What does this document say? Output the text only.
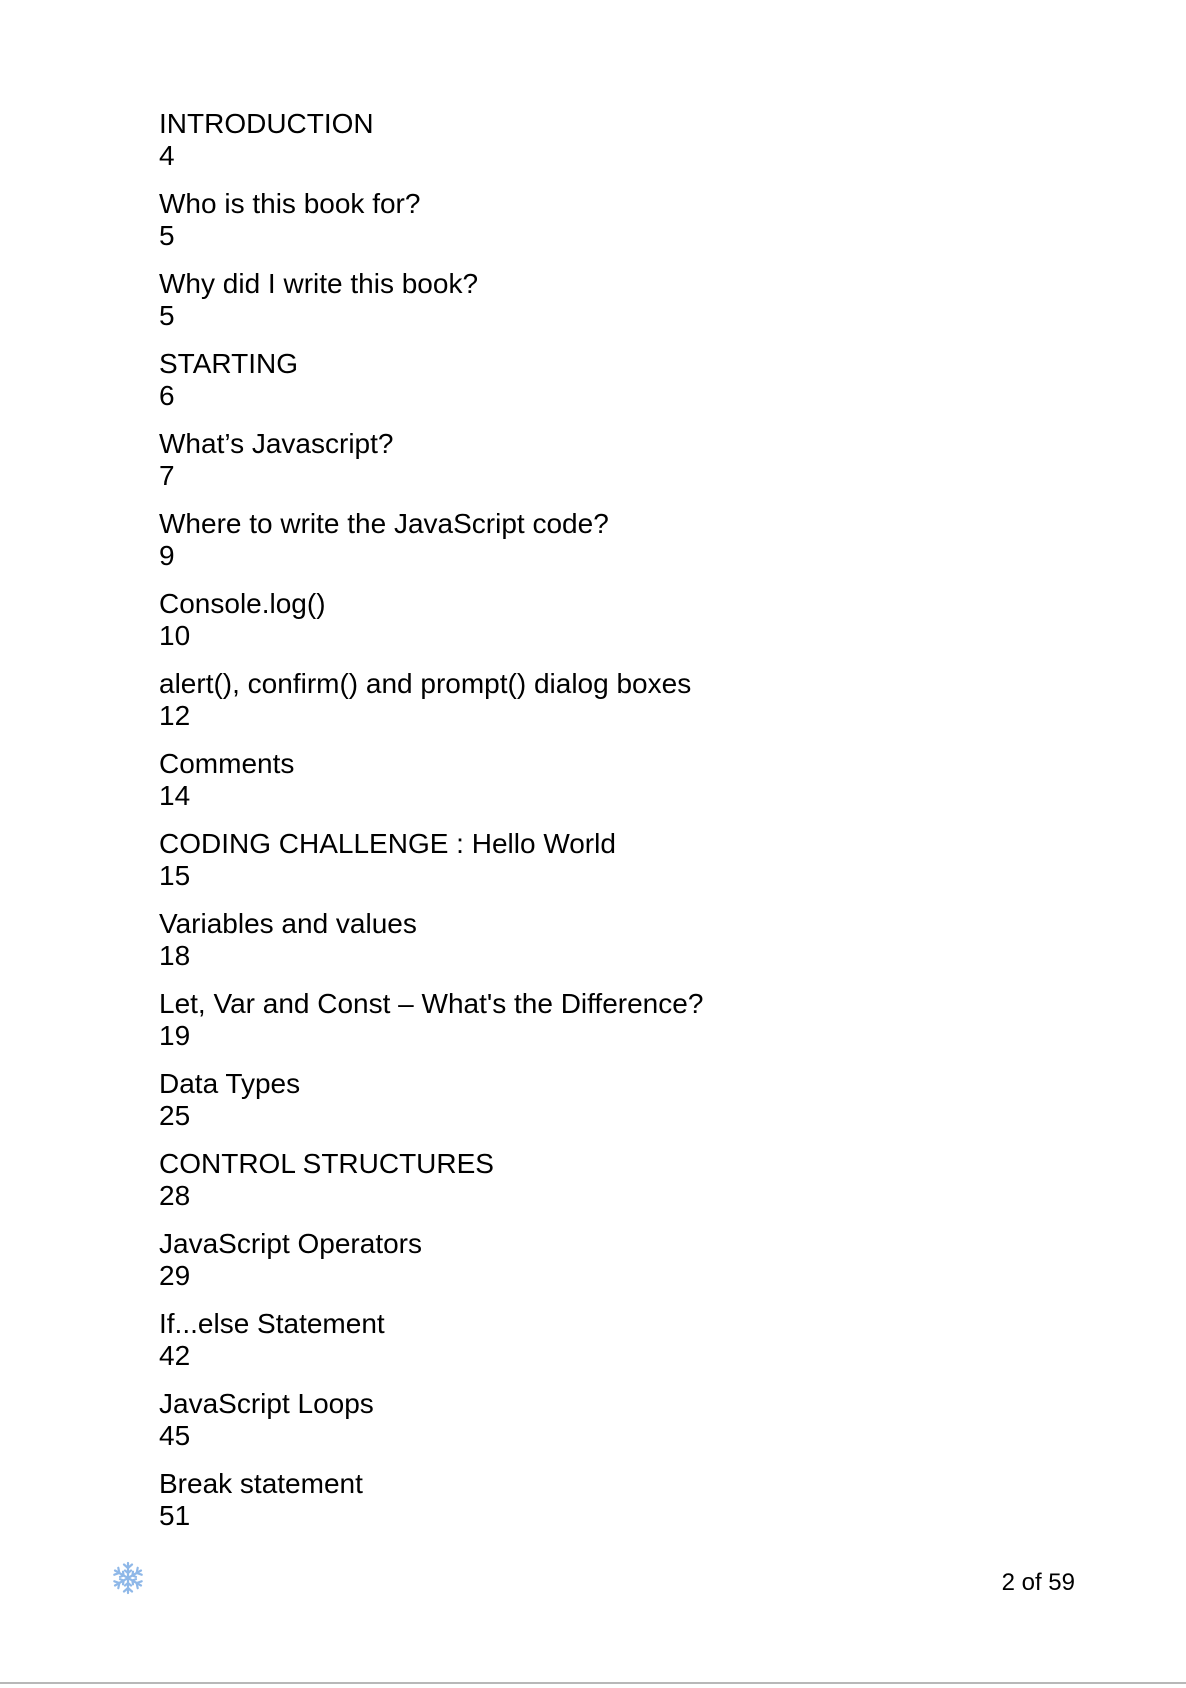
INTRODUCTION
4
Who is this book for?
5
Why did I write this book?
5
STARTING
6
What’s Javascript?
7
Where to write the JavaScript code?
9
Console.log()
10
alert(), confirm() and prompt() dialog boxes
12
Comments
14
CODING CHALLENGE : Hello World
15
Variables and values
18
Let, Var and Const – What's the Difference?
19
Data Types
25
CONTROL STRUCTURES
28
JavaScript Operators
29
If...else Statement
42
JavaScript Loops
45
Break statement
51
2 of 59
